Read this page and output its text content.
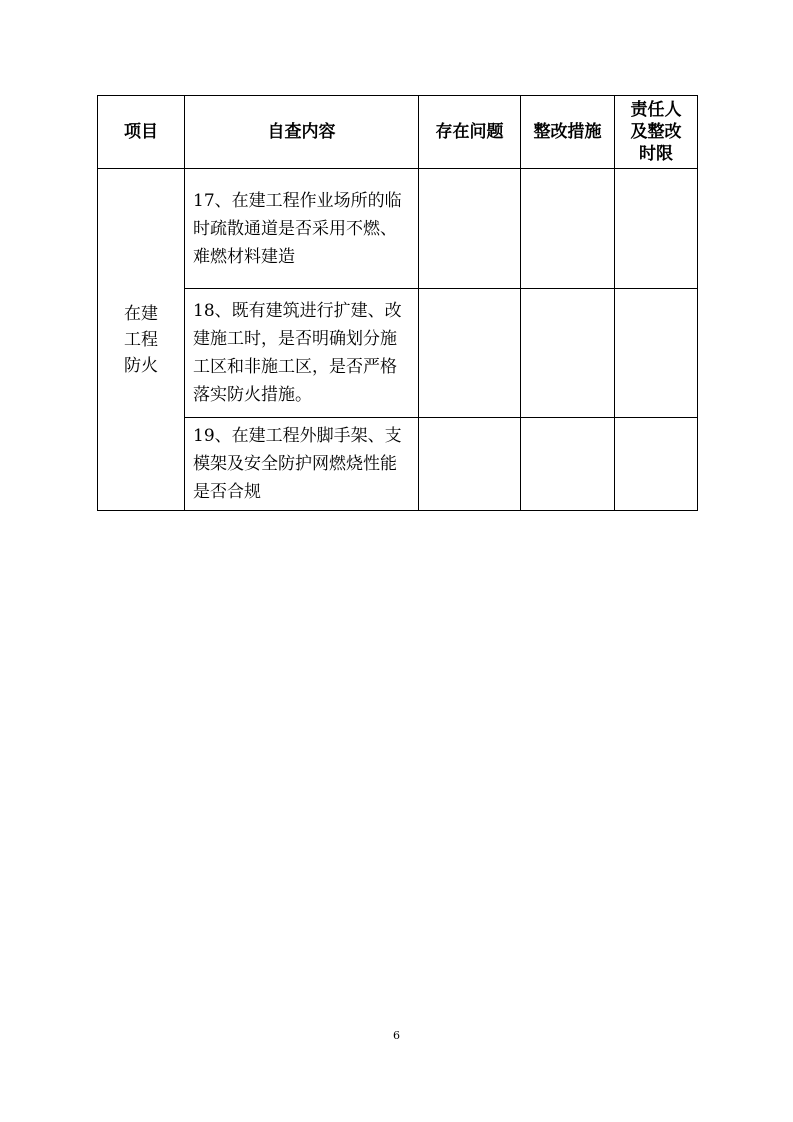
项目	自查内容	存在问题	整改措施	责任人及整改时限
在建工程防火	17、在建工程作业场所的临时疏散通道是否采用不燃、难燃材料建造			
	18、既有建筑进行扩建、改建施工时，是否明确划分施工区和非施工区，是否严格落实防火措施。			
	19、在建工程外脚手架、支模架及安全防护网燃烧性能是否合规			
6
